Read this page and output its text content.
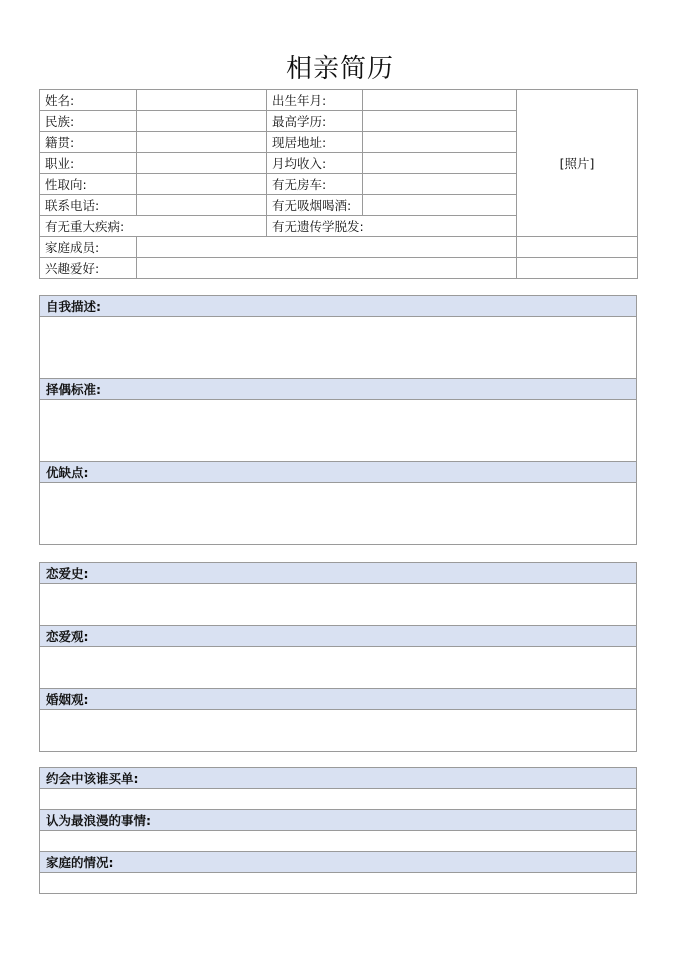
相亲简历
姓名:		出生年月:		[照片]
民族:		最高学历:		
籍贯:		现居地址:		
职业:		月均收入:		
性取向:		有无房车:		
联系电话:		有无吸烟喝酒:		
有无重大疾病:		有无遗传学脱发:		
家庭成员:				
兴趣爱好:				
自我描述:

择偶标准:

优缺点:

恋爱史:

恋爱观:

婚姻观:

约会中该谁买单:

认为最浪漫的事情:

家庭的情况:
